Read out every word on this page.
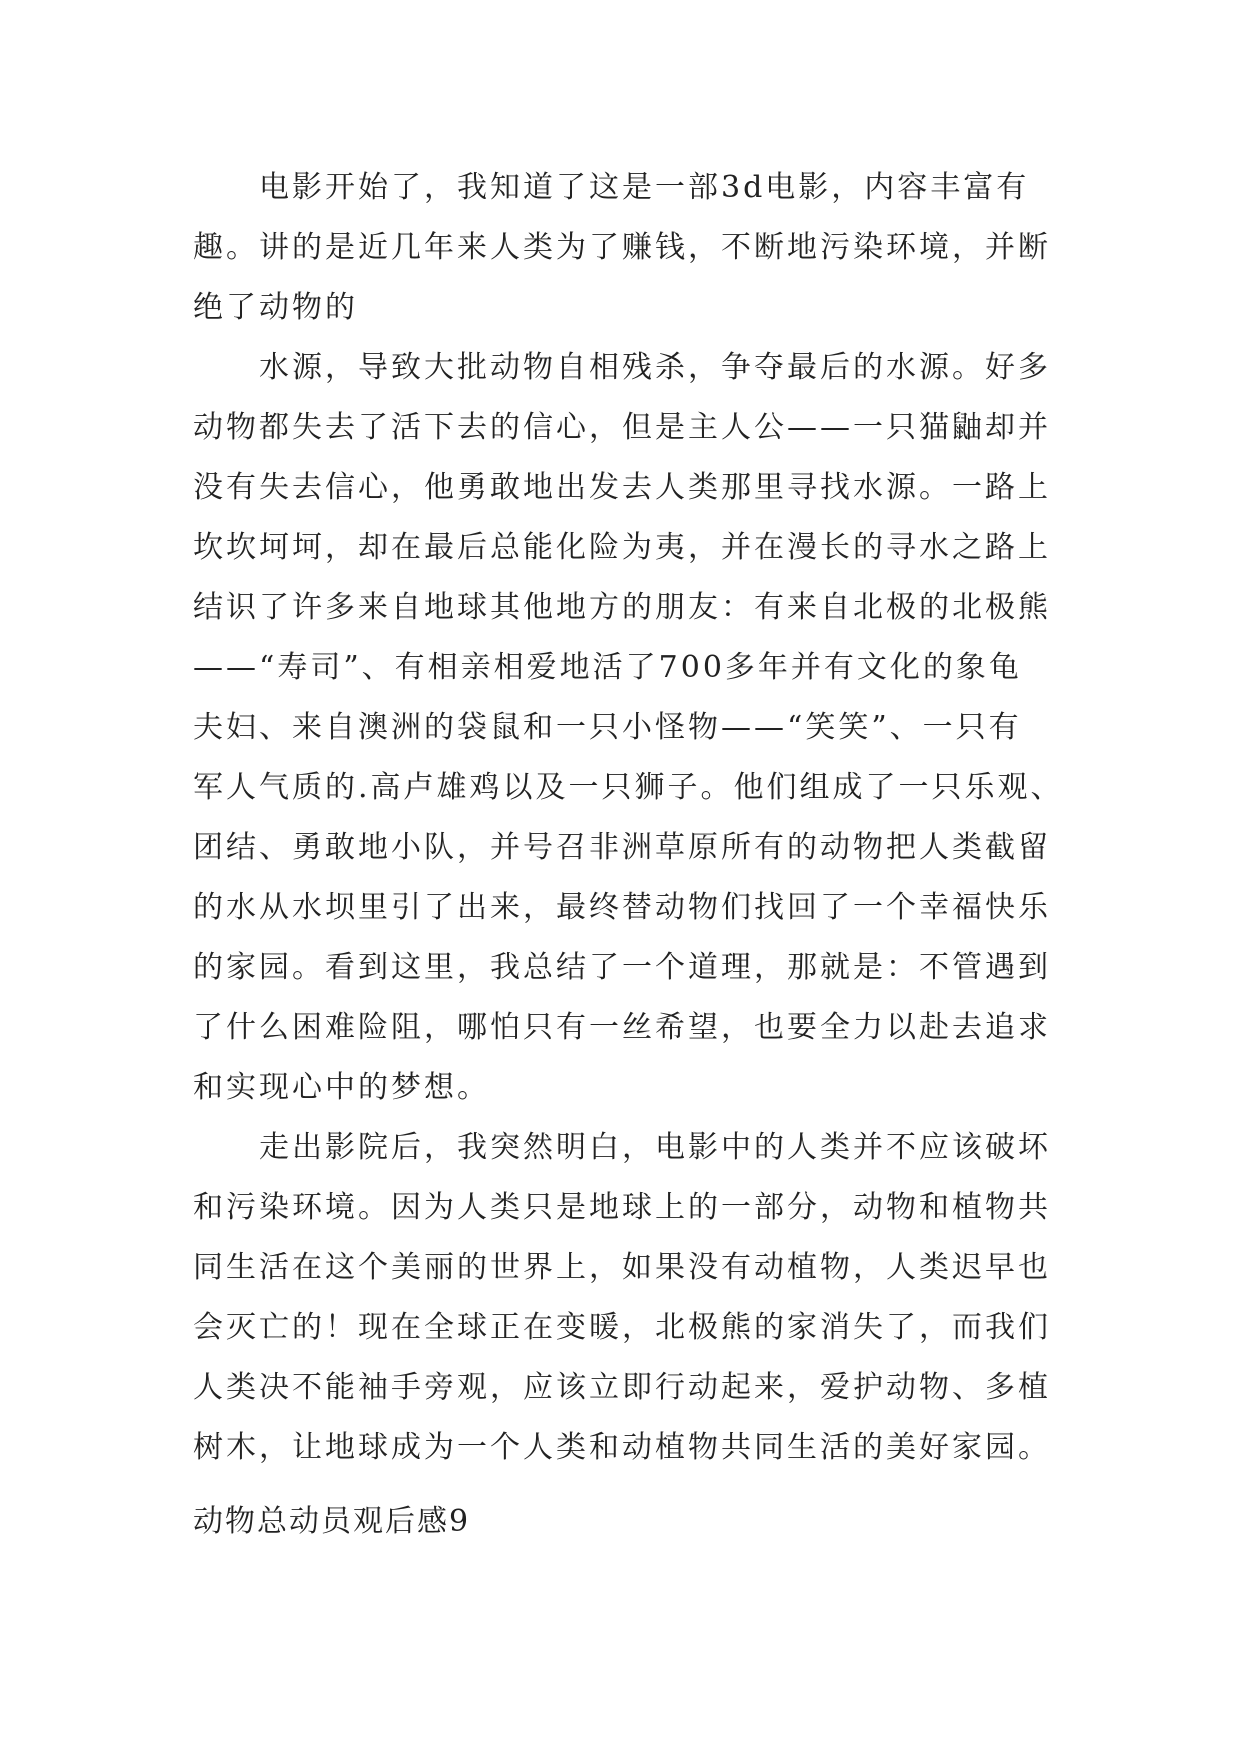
电影开始了，我知道了这是一部3d电影，内容丰富有
趣。讲的是近几年来人类为了赚钱，不断地污染环境，并断
绝了动物的

水源，导致大批动物自相残杀，争夺最后的水源。好多
动物都失去了活下去的信心，但是主人公——一只猫鼬却并
没有失去信心，他勇敢地出发去人类那里寻找水源。一路上
坎坎坷坷，却在最后总能化险为夷，并在漫长的寻水之路上
结识了许多来自地球其他地方的朋友：有来自北极的北极熊
——“寿司”、有相亲相爱地活了700多年并有文化的象龟
夫妇、来自澳洲的袋鼠和一只小怪物——“笑笑”、一只有
军人气质的.高卢雄鸡以及一只狮子。他们组成了一只乐观、
团结、勇敢地小队，并号召非洲草原所有的动物把人类截留
的水从水坝里引了出来，最终替动物们找回了一个幸福快乐
的家园。看到这里，我总结了一个道理，那就是：不管遇到
了什么困难险阻，哪怕只有一丝希望，也要全力以赴去追求
和实现心中的梦想。

走出影院后，我突然明白，电影中的人类并不应该破坏
和污染环境。因为人类只是地球上的一部分，动物和植物共
同生活在这个美丽的世界上，如果没有动植物，人类迟早也
会灭亡的！现在全球正在变暖，北极熊的家消失了，而我们
人类决不能袖手旁观，应该立即行动起来，爱护动物、多植
树木，让地球成为一个人类和动植物共同生活的美好家园。

动物总动员观后感9
